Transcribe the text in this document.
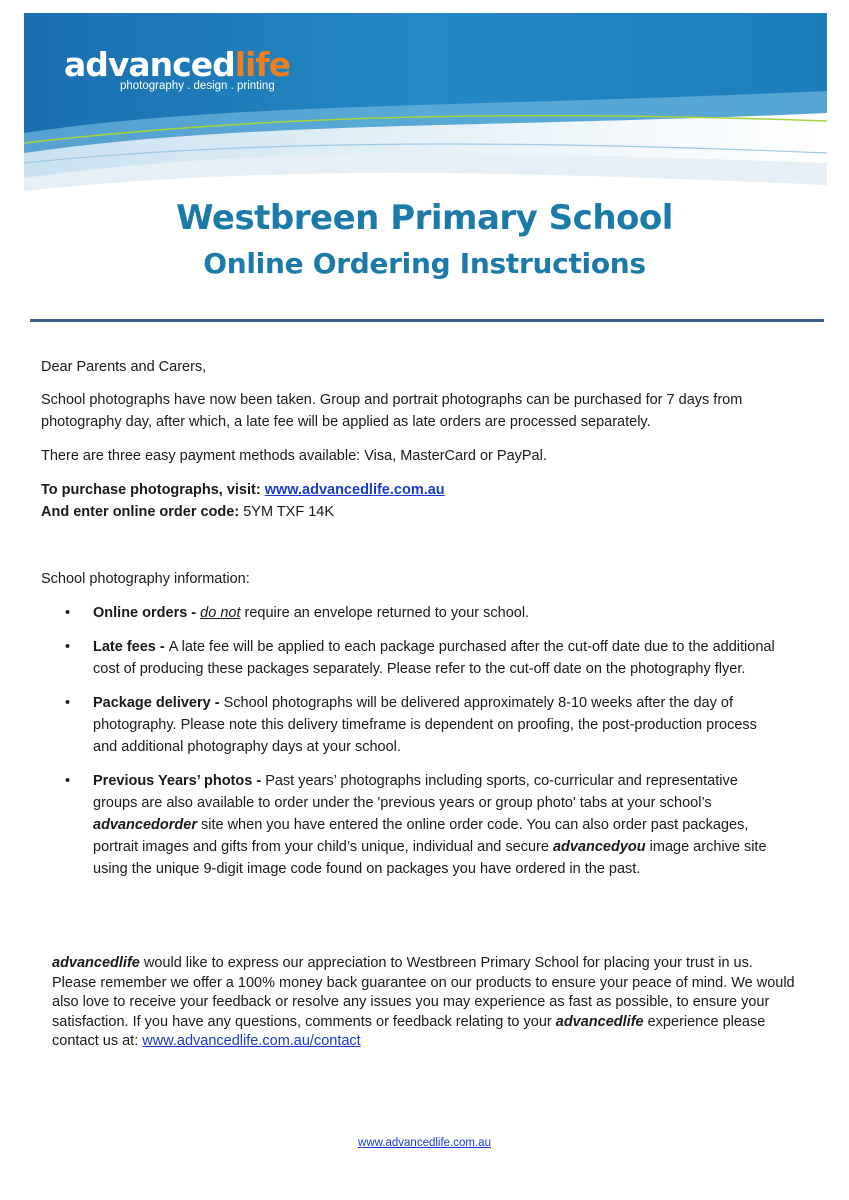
advancedlife
photography . design . printing
Westbreen Primary School
Online Ordering Instructions

Dear Parents and Carers,

School photographs have now been taken. Group and portrait photographs can be purchased for 7 days from photography day, after which, a late fee will be applied as late orders are processed separately.

There are three easy payment methods available: Visa, MasterCard or PayPal.

To purchase photographs, visit: www.advancedlife.com.au

And enter online order code: 5YM TXF 14K

School photography information:

• Online orders - do not require an envelope returned to your school.
• Late fees - A late fee will be applied to each package purchased after the cut-off date due to the additional cost of producing these packages separately. Please refer to the cut-off date on the photography flyer.
• Package delivery - School photographs will be delivered approximately 8-10 weeks after the day of photography. Please note this delivery timeframe is dependent on proofing, the post-production process and additional photography days at your school.
• Previous Years’ photos - Past years’ photographs including sports, co-curricular and representative groups are also available to order under the 'previous years or group photo' tabs at your school’s advancedorder site when you have entered the online order code. You can also order past packages, portrait images and gifts from your child’s unique, individual and secure advancedyou image archive site using the unique 9-digit image code found on packages you have ordered in the past.
advancedlife would like to express our appreciation to Westbreen Primary School for placing your trust in us. Please remember we offer a 100% money back guarantee on our products to ensure your peace of mind. We would also love to receive your feedback or resolve any issues you may experience as fast as possible, to ensure your satisfaction. If you have any questions, comments or feedback relating to your advancedlife experience please contact us at: www.advancedlife.com.au/contact
www.advancedlife.com.au
